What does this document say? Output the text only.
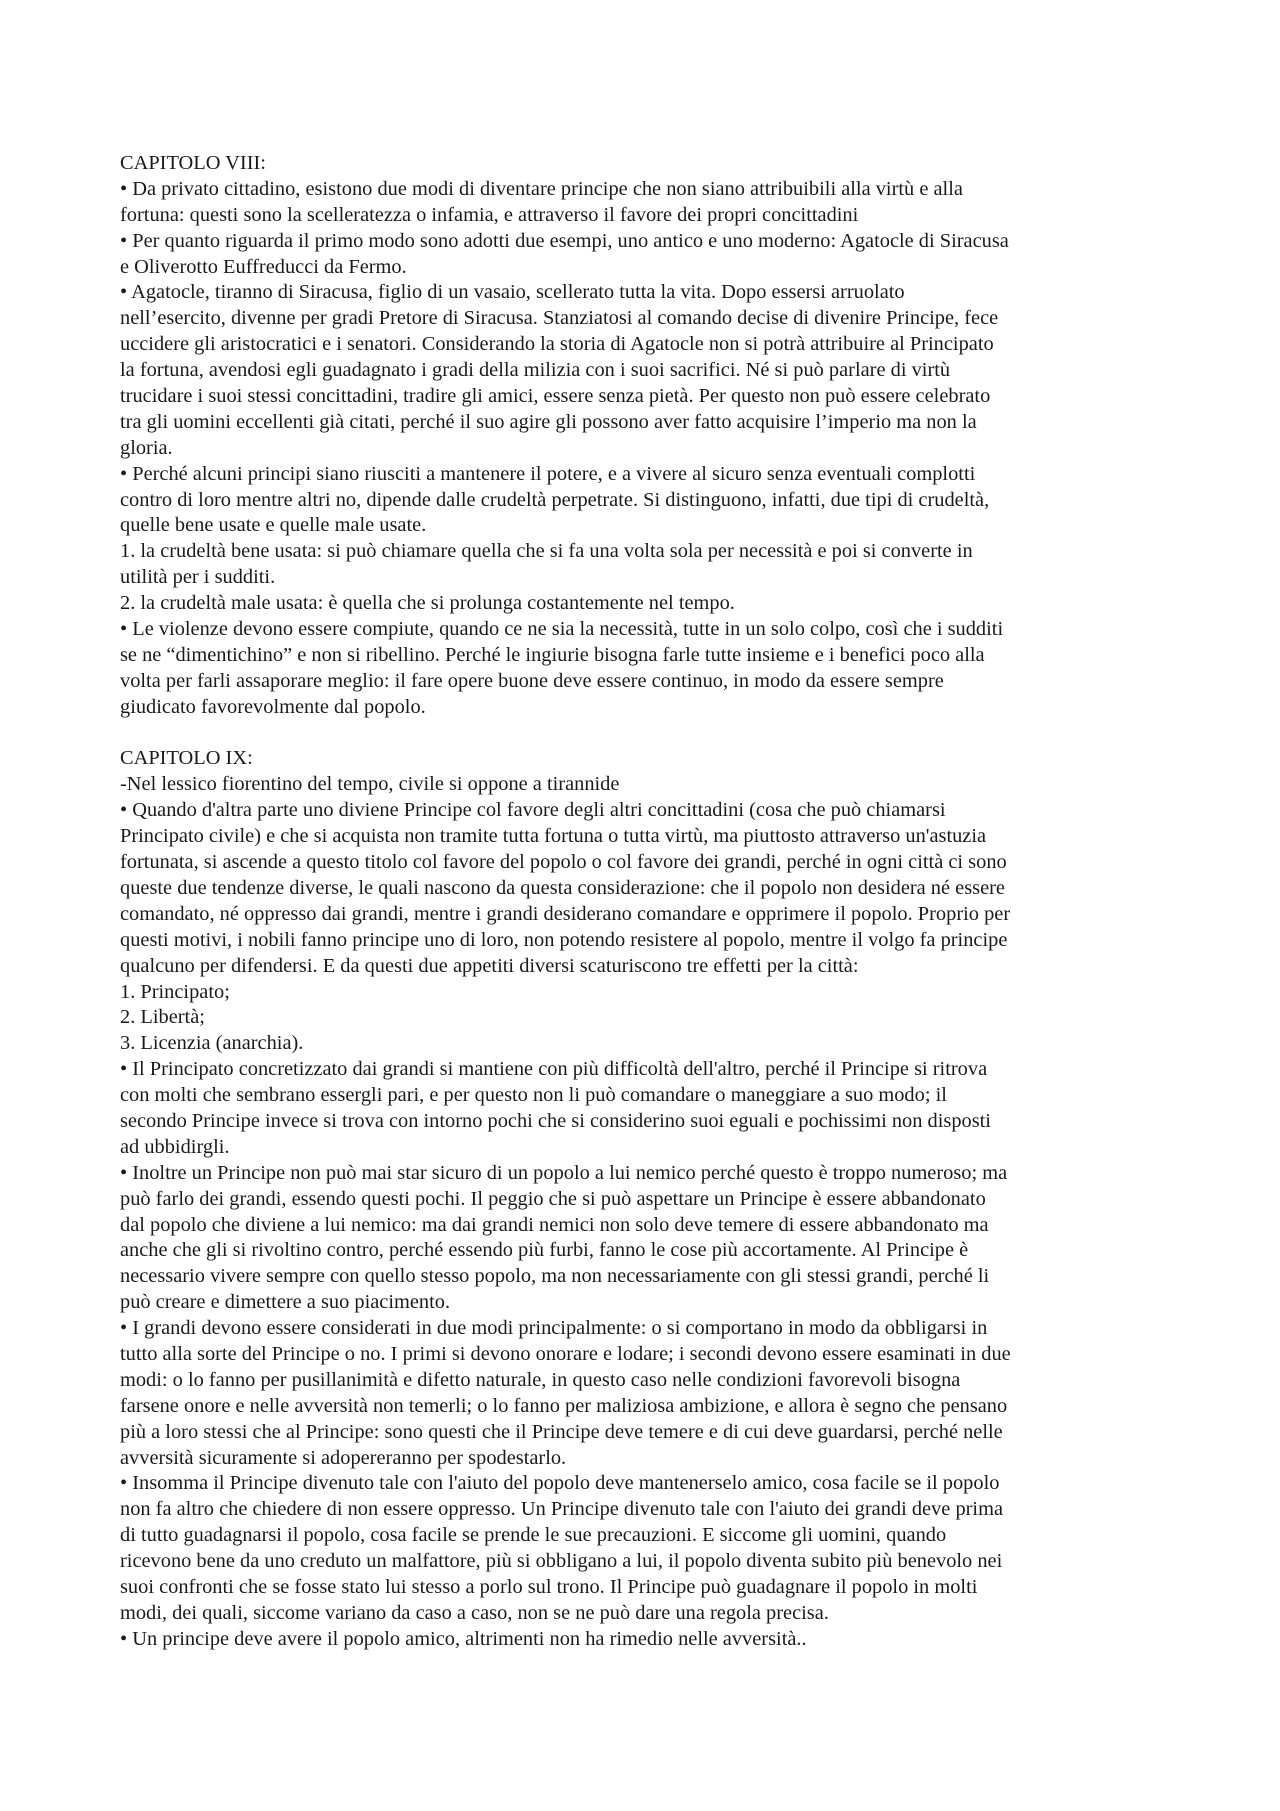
CAPITOLO VIII:
• Da privato cittadino, esistono due modi di diventare principe che non siano attribuibili alla virtù e alla
fortuna: questi sono la scelleratezza o infamia, e attraverso il favore dei propri concittadini
• Per quanto riguarda il primo modo sono adotti due esempi, uno antico e uno moderno: Agatocle di Siracusa
e Oliverotto Euffreducci da Fermo.
• Agatocle, tiranno di Siracusa, figlio di un vasaio, scellerato tutta la vita. Dopo essersi arruolato
nell’esercito, divenne per gradi Pretore di Siracusa. Stanziatosi al comando decise di divenire Principe, fece
uccidere gli aristocratici e i senatori. Considerando la storia di Agatocle non si potrà attribuire al Principato
la fortuna, avendosi egli guadagnato i gradi della milizia con i suoi sacrifici. Né si può parlare di virtù
trucidare i suoi stessi concittadini, tradire gli amici, essere senza pietà. Per questo non può essere celebrato
tra gli uomini eccellenti già citati, perché il suo agire gli possono aver fatto acquisire l’imperio ma non la
gloria.
• Perché alcuni principi siano riusciti a mantenere il potere, e a vivere al sicuro senza eventuali complotti
contro di loro mentre altri no, dipende dalle crudeltà perpetrate. Si distinguono, infatti, due tipi di crudeltà,
quelle bene usate e quelle male usate.
1. la crudeltà bene usata: si può chiamare quella che si fa una volta sola per necessità e poi si converte in
utilità per i sudditi.
2. la crudeltà male usata: è quella che si prolunga costantemente nel tempo.
• Le violenze devono essere compiute, quando ce ne sia la necessità, tutte in un solo colpo, così che i sudditi
se ne “dimentichino” e non si ribellino. Perché le ingiurie bisogna farle tutte insieme e i benefici poco alla
volta per farli assaporare meglio: il fare opere buone deve essere continuo, in modo da essere sempre
giudicato favorevolmente dal popolo.
CAPITOLO IX:
-Nel lessico fiorentino del tempo, civile si oppone a tirannide
• Quando d'altra parte uno diviene Principe col favore degli altri concittadini (cosa che può chiamarsi
Principato civile) e che si acquista non tramite tutta fortuna o tutta virtù, ma piuttosto attraverso un'astuzia
fortunata, si ascende a questo titolo col favore del popolo o col favore dei grandi, perché in ogni città ci sono
queste due tendenze diverse, le quali nascono da questa considerazione: che il popolo non desidera né essere
comandato, né oppresso dai grandi, mentre i grandi desiderano comandare e opprimere il popolo. Proprio per
questi motivi, i nobili fanno principe uno di loro, non potendo resistere al popolo, mentre il volgo fa principe
qualcuno per difendersi. E da questi due appetiti diversi scaturiscono tre effetti per la città:
1. Principato;
2. Libertà;
3. Licenzia (anarchia).
• Il Principato concretizzato dai grandi si mantiene con più difficoltà dell'altro, perché il Principe si ritrova
con molti che sembrano essergli pari, e per questo non li può comandare o maneggiare a suo modo; il
secondo Principe invece si trova con intorno pochi che si considerino suoi eguali e pochissimi non disposti
ad ubbidirgli.
• Inoltre un Principe non può mai star sicuro di un popolo a lui nemico perché questo è troppo numeroso; ma
può farlo dei grandi, essendo questi pochi. Il peggio che si può aspettare un Principe è essere abbandonato
dal popolo che diviene a lui nemico: ma dai grandi nemici non solo deve temere di essere abbandonato ma
anche che gli si rivoltino contro, perché essendo più furbi, fanno le cose più accortamente. Al Principe è
necessario vivere sempre con quello stesso popolo, ma non necessariamente con gli stessi grandi, perché li
può creare e dimettere a suo piacimento.
• I grandi devono essere considerati in due modi principalmente: o si comportano in modo da obbligarsi in
tutto alla sorte del Principe o no. I primi si devono onorare e lodare; i secondi devono essere esaminati in due
modi: o lo fanno per pusillanimità e difetto naturale, in questo caso nelle condizioni favorevoli bisogna
farsene onore e nelle avversità non temerli; o lo fanno per maliziosa ambizione, e allora è segno che pensano
più a loro stessi che al Principe: sono questi che il Principe deve temere e di cui deve guardarsi, perché nelle
avversità sicuramente si adopereranno per spodestarlo.
• Insomma il Principe divenuto tale con l'aiuto del popolo deve mantenerselo amico, cosa facile se il popolo
non fa altro che chiedere di non essere oppresso. Un Principe divenuto tale con l'aiuto dei grandi deve prima
di tutto guadagnarsi il popolo, cosa facile se prende le sue precauzioni. E siccome gli uomini, quando
ricevono bene da uno creduto un malfattore, più si obbligano a lui, il popolo diventa subito più benevolo nei
suoi confronti che se fosse stato lui stesso a porlo sul trono. Il Principe può guadagnare il popolo in molti
modi, dei quali, siccome variano da caso a caso, non se ne può dare una regola precisa.
• Un principe deve avere il popolo amico, altrimenti non ha rimedio nelle avversità..
